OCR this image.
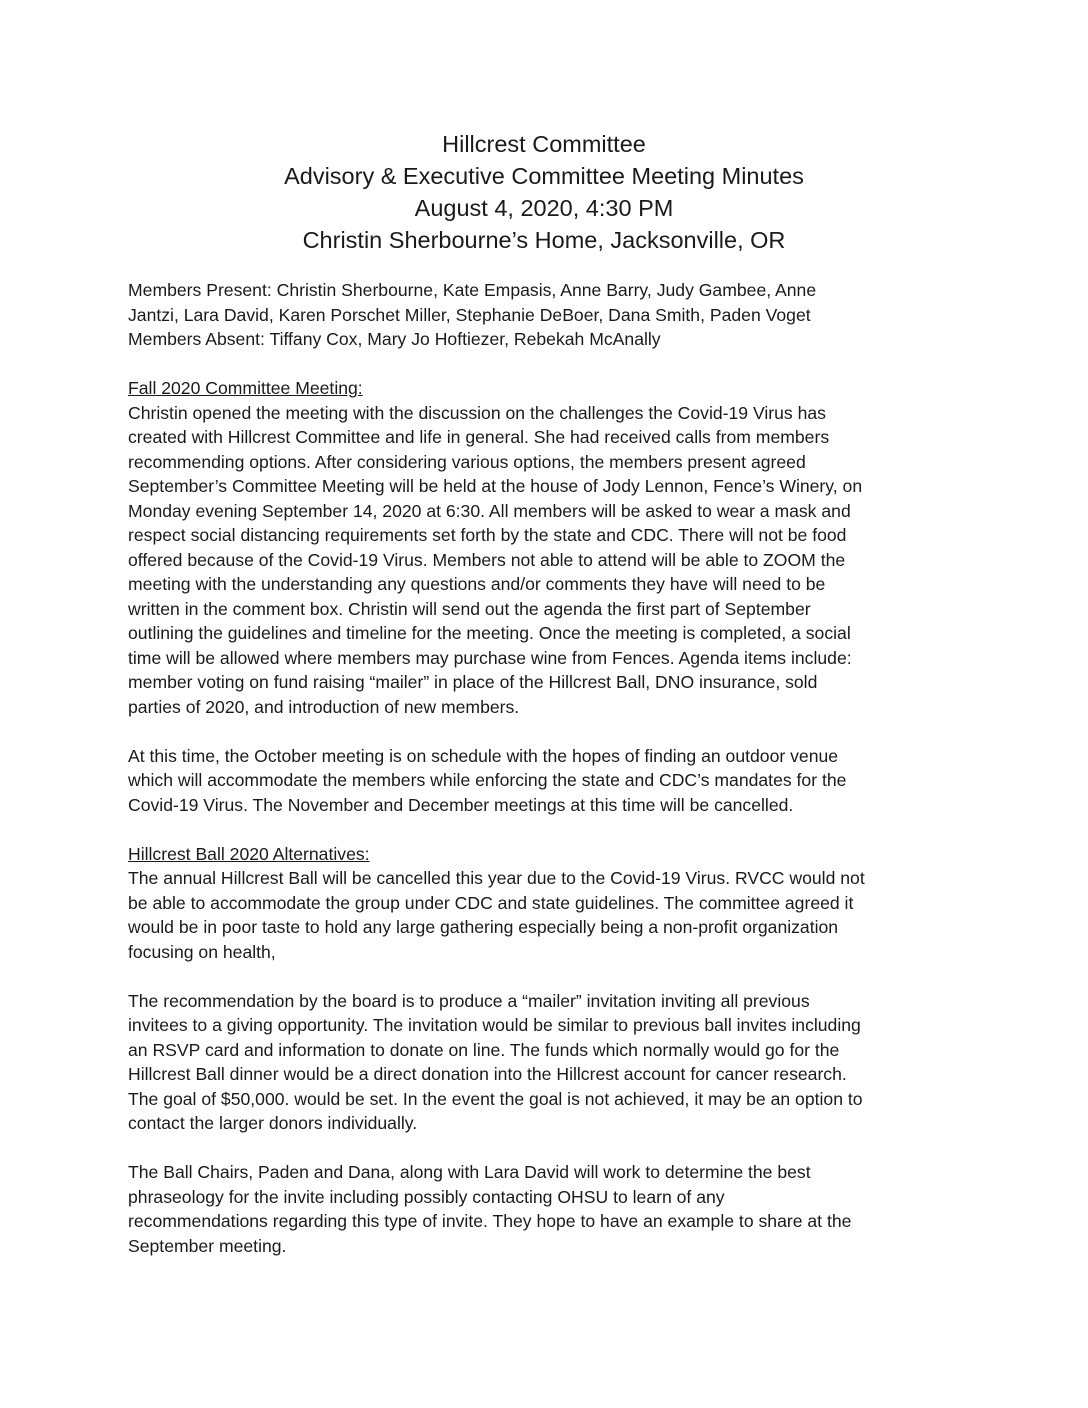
Hillcrest Committee
Advisory & Executive Committee Meeting Minutes
August 4, 2020, 4:30 PM
Christin Sherbourne’s Home, Jacksonville, OR
Members Present: Christin Sherbourne, Kate Empasis, Anne Barry, Judy Gambee, Anne
Jantzi, Lara David, Karen Porschet Miller, Stephanie DeBoer, Dana Smith, Paden Voget
Members Absent: Tiffany Cox, Mary Jo Hoftiezer, Rebekah McAnally
Fall 2020 Committee Meeting:
Christin opened the meeting with the discussion on the challenges the Covid-19 Virus has
created with Hillcrest Committee and life in general. She had received calls from members
recommending options. After considering various options, the members present agreed
September’s Committee Meeting will be held at the house of Jody Lennon, Fence’s Winery, on
Monday evening September 14, 2020 at 6:30. All members will be asked to wear a mask and
respect social distancing requirements set forth by the state and CDC. There will not be food
offered because of the Covid-19 Virus. Members not able to attend will be able to ZOOM the
meeting with the understanding any questions and/or comments they have will need to be
written in the comment box. Christin will send out the agenda the first part of September
outlining the guidelines and timeline for the meeting. Once the meeting is completed, a social
time will be allowed where members may purchase wine from Fences. Agenda items include:
member voting on fund raising “mailer” in place of the Hillcrest Ball, DNO insurance, sold
parties of 2020, and introduction of new members.
At this time, the October meeting is on schedule with the hopes of finding an outdoor venue
which will accommodate the members while enforcing the state and CDC’s mandates for the
Covid-19 Virus. The November and December meetings at this time will be cancelled.
Hillcrest Ball 2020 Alternatives:
The annual Hillcrest Ball will be cancelled this year due to the Covid-19 Virus. RVCC would not
be able to accommodate the group under CDC and state guidelines. The committee agreed it
would be in poor taste to hold any large gathering especially being a non-profit organization
focusing on health,
The recommendation by the board is to produce a “mailer” invitation inviting all previous
invitees to a giving opportunity. The invitation would be similar to previous ball invites including
an RSVP card and information to donate on line. The funds which normally would go for the
Hillcrest Ball dinner would be a direct donation into the Hillcrest account for cancer research.
The goal of $50,000. would be set. In the event the goal is not achieved, it may be an option to
contact the larger donors individually.
The Ball Chairs, Paden and Dana, along with Lara David will work to determine the best
phraseology for the invite including possibly contacting OHSU to learn of any
recommendations regarding this type of invite. They hope to have an example to share at the
September meeting.
